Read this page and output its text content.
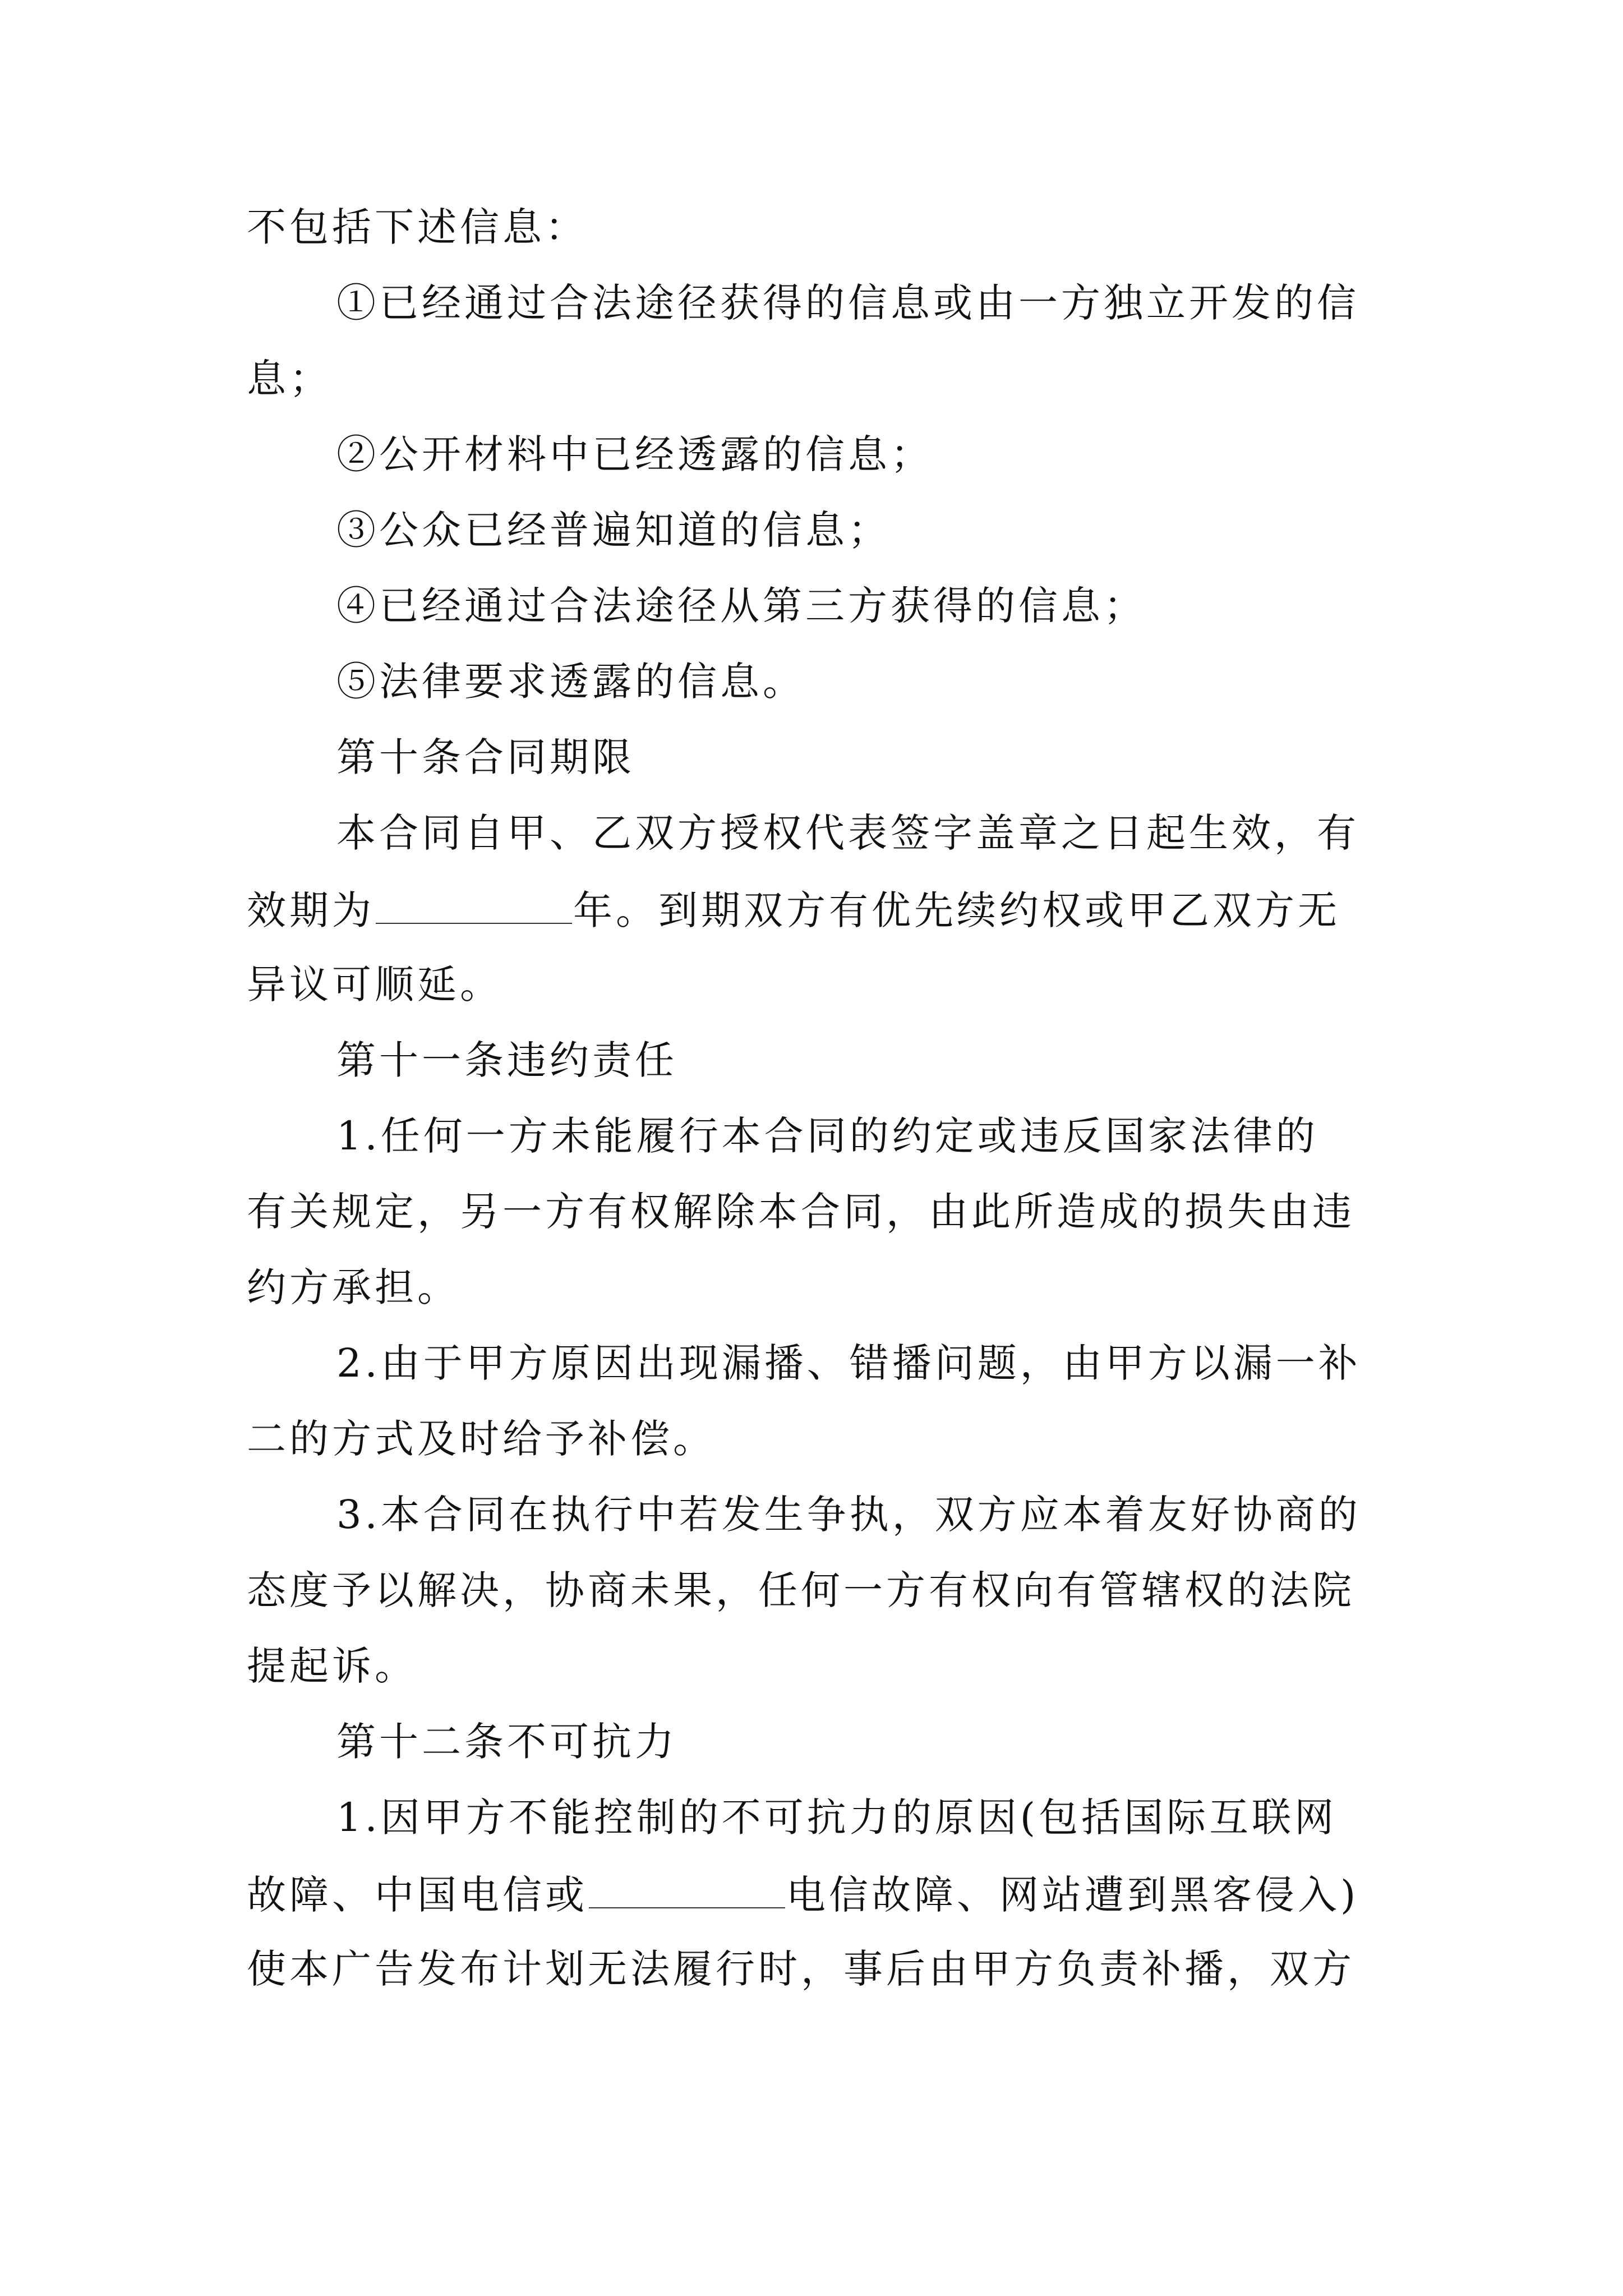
不包括下述信息：
①已经通过合法途径获得的信息或由一方独立开发的信
息；
②公开材料中已经透露的信息；
③公众已经普遍知道的信息；
④已经通过合法途径从第三方获得的信息；
⑤法律要求透露的信息。
第十条合同期限
本合同自甲、乙双方授权代表签字盖章之日起生效，有
效期为	年。到期双方有优先续约权或甲乙双方无
异议可顺延。
第十一条违约责任
1.任何一方未能履行本合同的约定或违反国家法律的
有关规定，另一方有权解除本合同，由此所造成的损失由违
约方承担。
2.由于甲方原因出现漏播、错播问题，由甲方以漏一补
二的方式及时给予补偿。
3.本合同在执行中若发生争执，双方应本着友好协商的
态度予以解决，协商未果，任何一方有权向有管辖权的法院
提起诉。
第十二条不可抗力
1.因甲方不能控制的不可抗力的原因(包括国际互联网
故障、中国电信或	电信故障、网站遭到黑客侵入)
使本广告发布计划无法履行时，事后由甲方负责补播，双方
